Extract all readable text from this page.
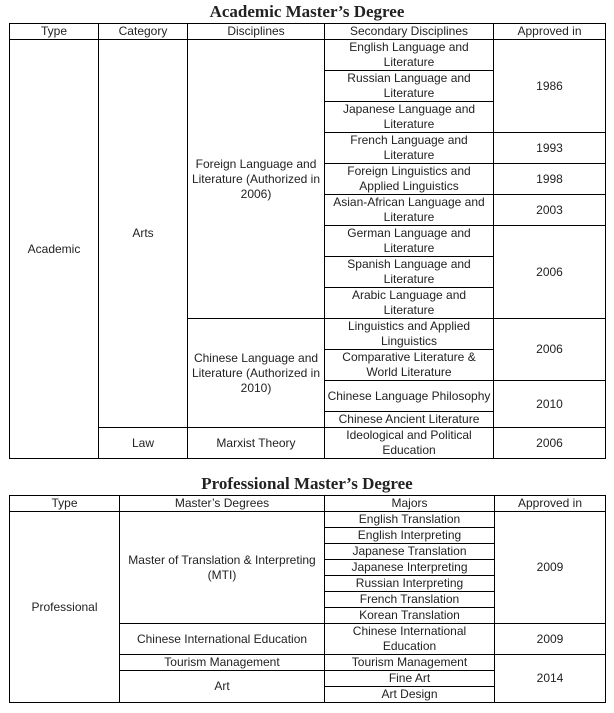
Academic Master’s Degree
Type	Category	Disciplines	Secondary Disciplines	Approved in
Academic	Arts	Foreign Language and Literature (Authorized in 2006)	English Language and Literature	1986
			Russian Language and Literature	
			Japanese Language and Literature	
			French Language and Literature	1993
			Foreign Linguistics and Applied Linguistics	1998
			Asian-African Language and Literature	2003
			German Language and Literature	2006
			Spanish Language and Literature	
			Arabic Language and Literature	
		Chinese Language and Literature (Authorized in 2010)	Linguistics and Applied Linguistics	2006
			Comparative Literature & World Literature	
			Chinese Language Philosophy	2010
			Chinese Ancient Literature	
	Law	Marxist Theory	Ideological and Political Education	2006
Professional Master’s Degree
Type	Master’s Degrees	Majors	Approved in
Professional	Master of Translation & Interpreting (MTI)	English Translation	2009
		English Interpreting	
		Japanese Translation	
		Japanese Interpreting	
		Russian Interpreting	
		French Translation	
		Korean Translation	
	Chinese International Education	Chinese International Education	2009

	Tourism Management	Tourism Management	2014
	Art	Fine Art	
		Art Design	
